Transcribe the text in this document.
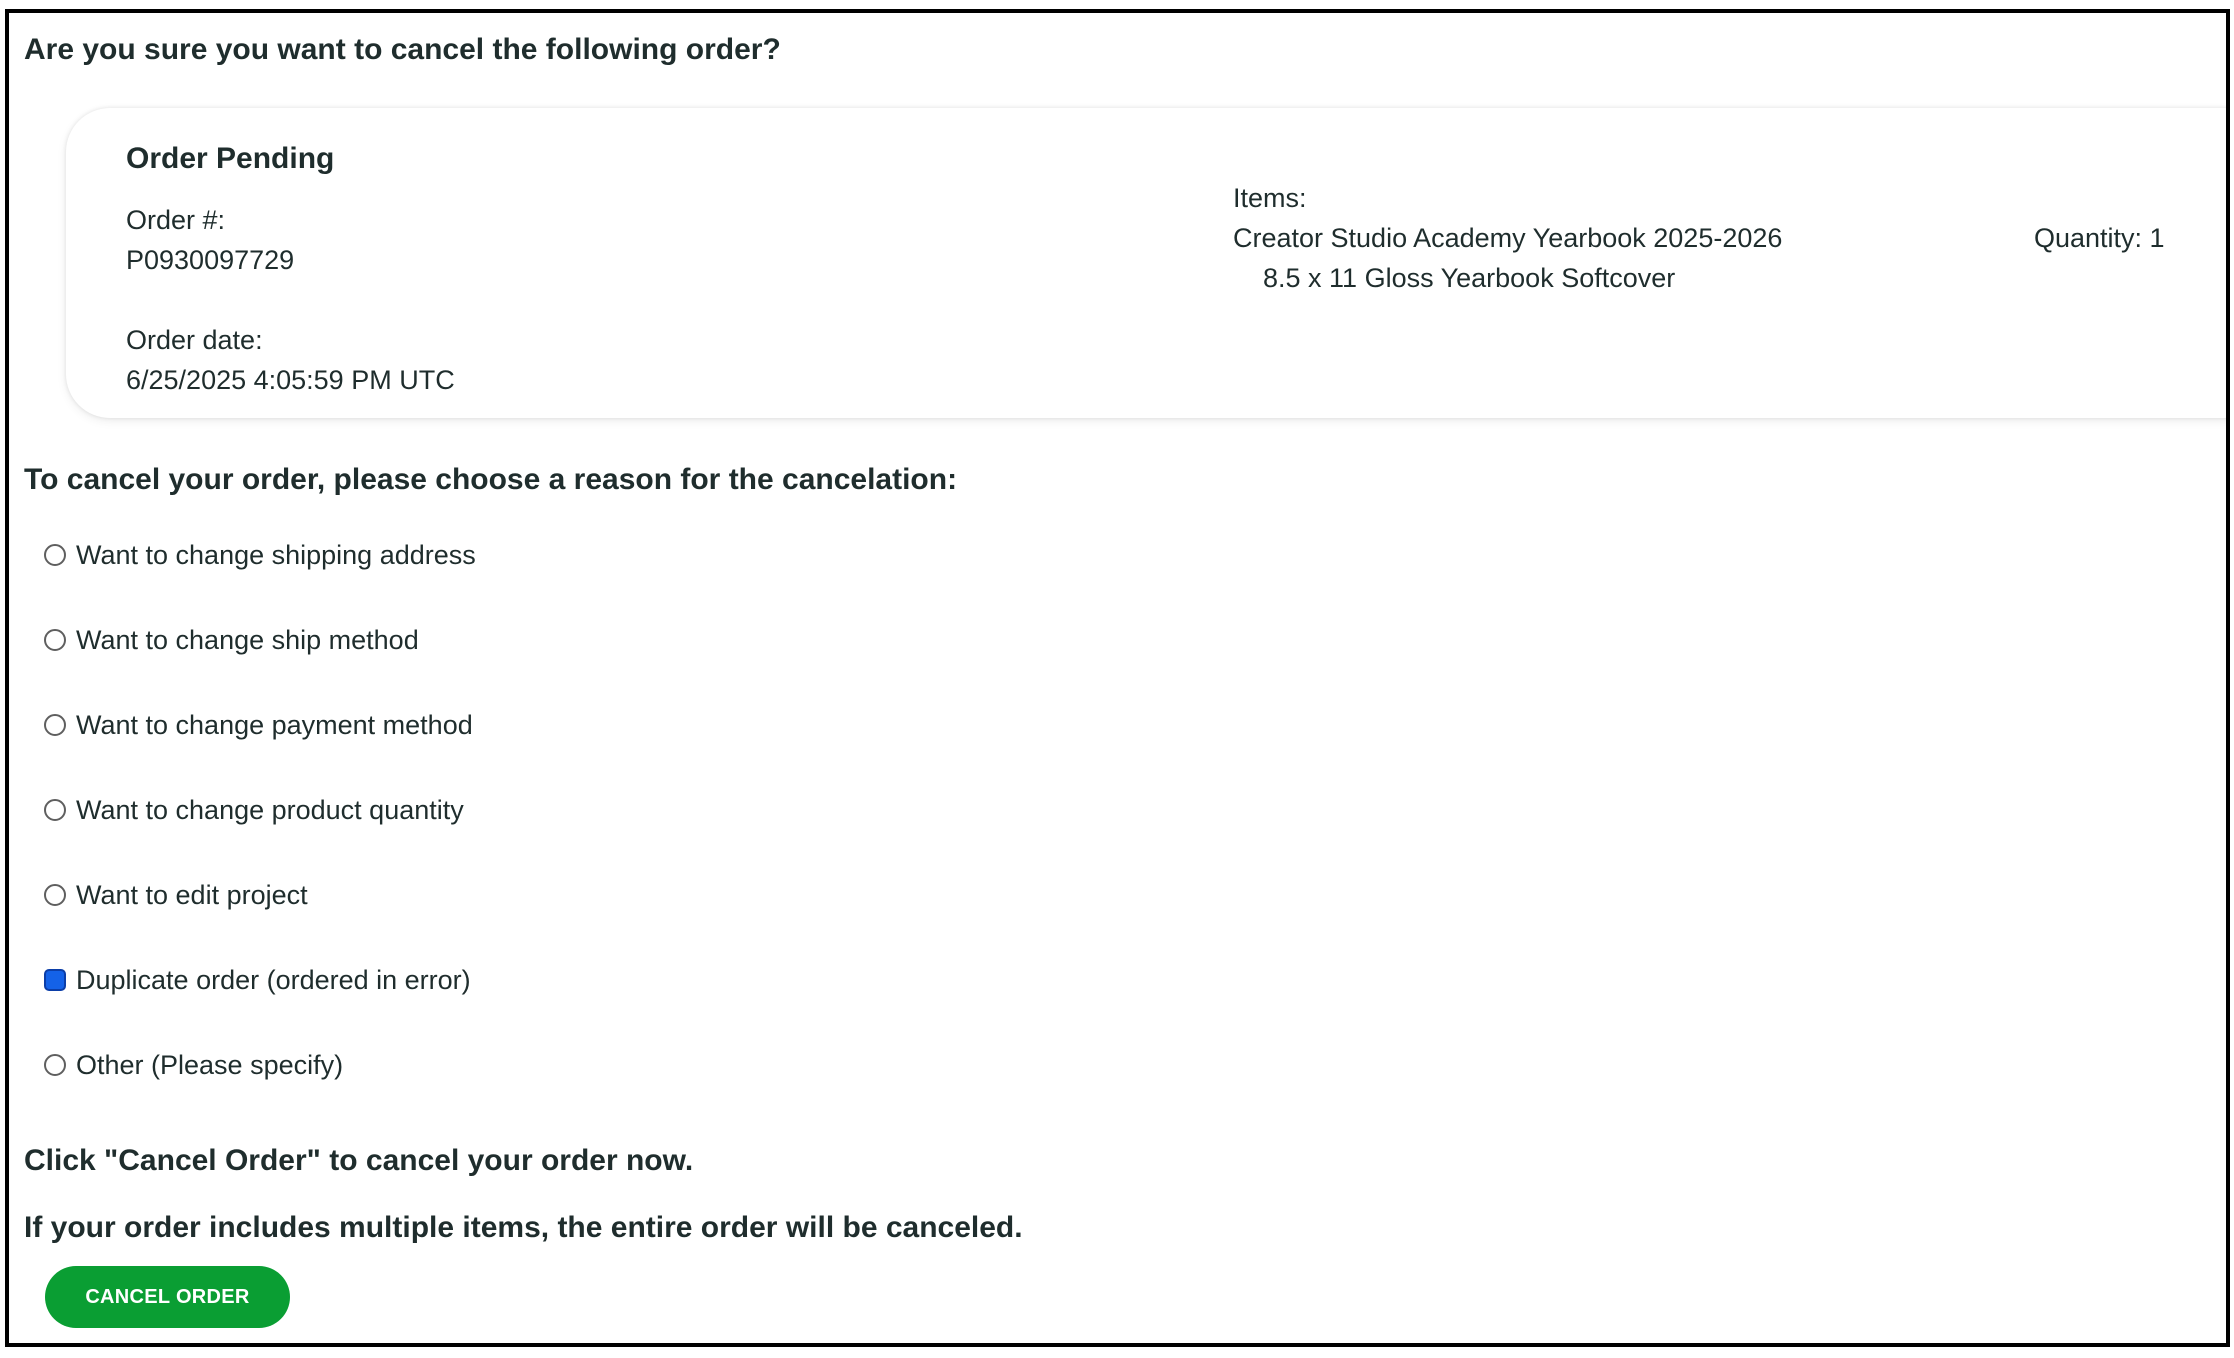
Are you sure you want to cancel the following order?
Order Pending
Order #:
P0930097729
Order date:
6/25/2025 4:05:59 PM UTC
Items:
Creator Studio Academy Yearbook 2025-2026
8.5 x 11 Gloss Yearbook Softcover
Quantity: 1
To cancel your order, please choose a reason for the cancelation:
Want to change shipping address
Want to change ship method
Want to change payment method
Want to change product quantity
Want to edit project
Duplicate order (ordered in error)
Other (Please specify)
Click "Cancel Order" to cancel your order now.
If your order includes multiple items, the entire order will be canceled.
CANCEL ORDER
